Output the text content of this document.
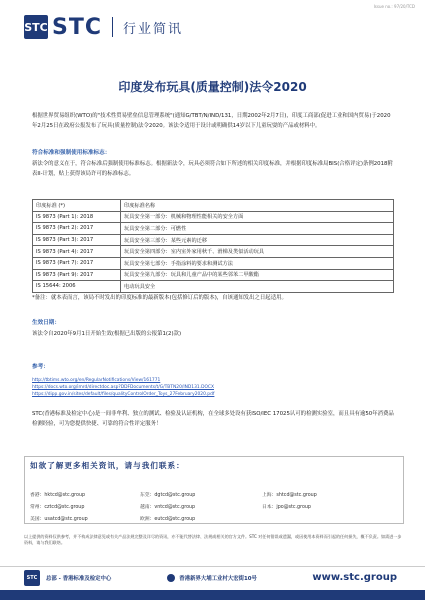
Issue no.: 97/20/TCD
STC STC 行业简讯
印度发布玩具(质量控制)法令2020
根据世界贸易组织(WTO)的"技术性贸易壁垒信息管理系统"(通知G/TBT/N/IND/131，日期2002年2月7日)，印度工商部(促进工业和国内贸易)于2020年2月25日在政府公报发布了玩具(质量控制)法令2020。该法令适用于设计或明确供14岁以下儿童玩耍的产品或材料中。
符合标准和强制使用标准标志：
新法令的意义在于，符合标准后强制使用标准标志。根据新法令，玩具必须符合如下所述的相关印度标准，并根据印度标准局BIS(合格评定)条例2018附表II-计划，贴上获得该局许可的标准标志。
印度标准 (*)	印度标准名称
IS 9873 (Part 1): 2018	玩具安全第一部分：机械和物理性能相关的安全方面
IS 9873 (Part 2): 2017	玩具安全第二部分：可燃性
IS 9873 (Part 3): 2017	玩具安全第三部分：某些元素的迁移
IS 9873 (Part 4): 2017	玩具安全第四部分：室内室外家用秋千、滑梯及类似活动玩具
IS 9873 (Part 7): 2017	玩具安全第七部分：手指涂料的要求和测试方法
IS 9873 (Part 9): 2017	玩具安全第九部分：玩具和儿童产品中的某些邻苯二甲酸酯
IS 15644: 2006	电动玩具安全
*备注：就本表而言，该局不时发出的印度标准的最新版本(包括修订后的版本)，自该通知发出之日起适用。
生效日期：
该法令自2020年9月1日开始生效(根据已出版的公报第1(2)款)
参考：
http://tbtims.wto.org/en/RegularNotifications/View/161771
https://docs.wto.org/imrd/directdoc.asp?DDFDocuments/t/G/TBTN20/IND131.DOCX
https://dipp.gov.in/sites/default/files/qualityControlOrder_Toys_27February2020.pdf
STC(香港标准及检定中心)是一间非牟利、独立的测试、检验及认证机构，在全球多处设有获ISO/IEC 17025认可的检测实验室，而且具有逾50年消费品检测经验，可为您提供快捷、可靠的符合性评定服务！
如欲了解更多相关资讯，请与我们联系：
香港：hktcd@stc.group	东莞：dgtcd@stc.group	上海：shtcd@stc.group
常州：cztcd@stc.group	越南：vntcd@stc.group	日本：jpo@stc.group
美国：usatcd@stc.group	欧洲：eutcd@stc.group
以上提供的资料仅供参考，并不构成法律意见或有关产品法规完整及详尽的资讯，亦不能代替法律、法规或相关的官方文件。STC 对任何错误或遗漏，或因使用本资料而引起的任何损失，概不负责。如需进一步资料，请与我们联络。
STC	总部 - 香港标准及检定中心	香港新界大埔工业村大宏街10号	www.stc.group
